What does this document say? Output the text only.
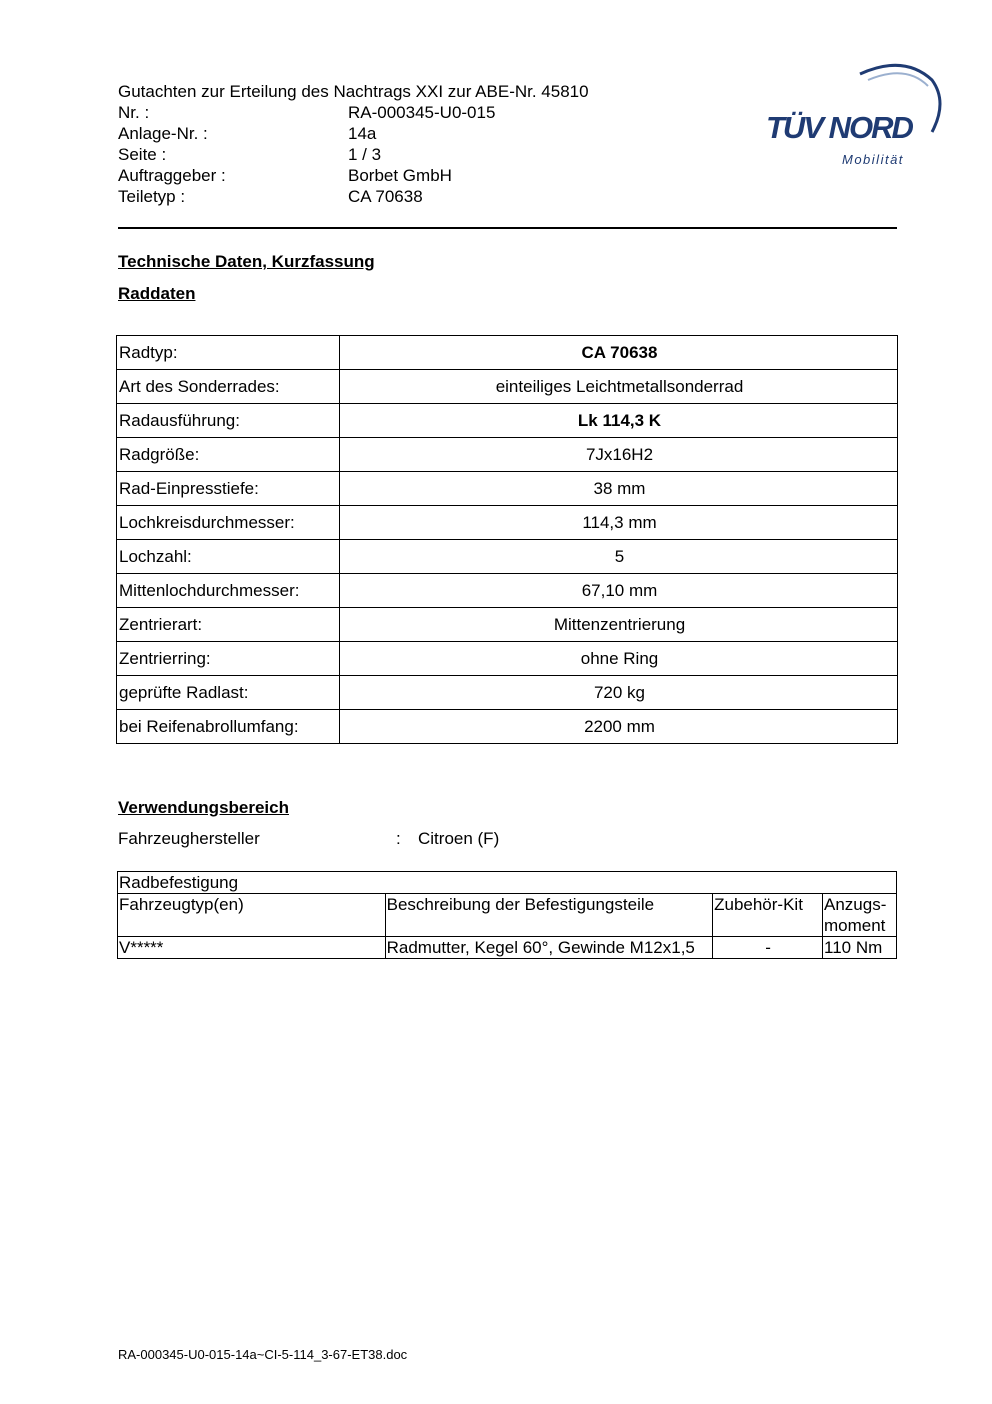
Gutachten zur Erteilung des Nachtrags XXI zur ABE-Nr. 45810
Nr. :	RA-000345-U0-015
Anlage-Nr. :	14a
Seite :	1 / 3
Auftraggeber :	Borbet GmbH
Teiletyp :	CA 70638
TÜV NORD
Mobilität
Technische Daten, Kurzfassung
Raddaten
Radtyp:	CA 70638
Art des Sonderrades:	einteiliges Leichtmetallsonderrad
Radausführung:	Lk 114,3 K
Radgröße:	7Jx16H2
Rad-Einpresstiefe:	38 mm
Lochkreisdurchmesser:	114,3 mm
Lochzahl:	5
Mittenlochdurchmesser:	67,10 mm
Zentrierart:	Mittenzentrierung
Zentrierring:	ohne Ring
geprüfte Radlast:	720 kg
bei Reifenabrollumfang:	2200 mm
Verwendungsbereich
Fahrzeughersteller	:	Citroen (F)
Radbefestigung			
Fahrzeugtyp(en)	Beschreibung der Befestigungsteile	Zubehör-Kit	Anzugs-
moment
V*****	Radmutter, Kegel 60°, Gewinde M12x1,5	-	110 Nm
RA-000345-U0-015-14a~CI-5-114_3-67-ET38.doc
